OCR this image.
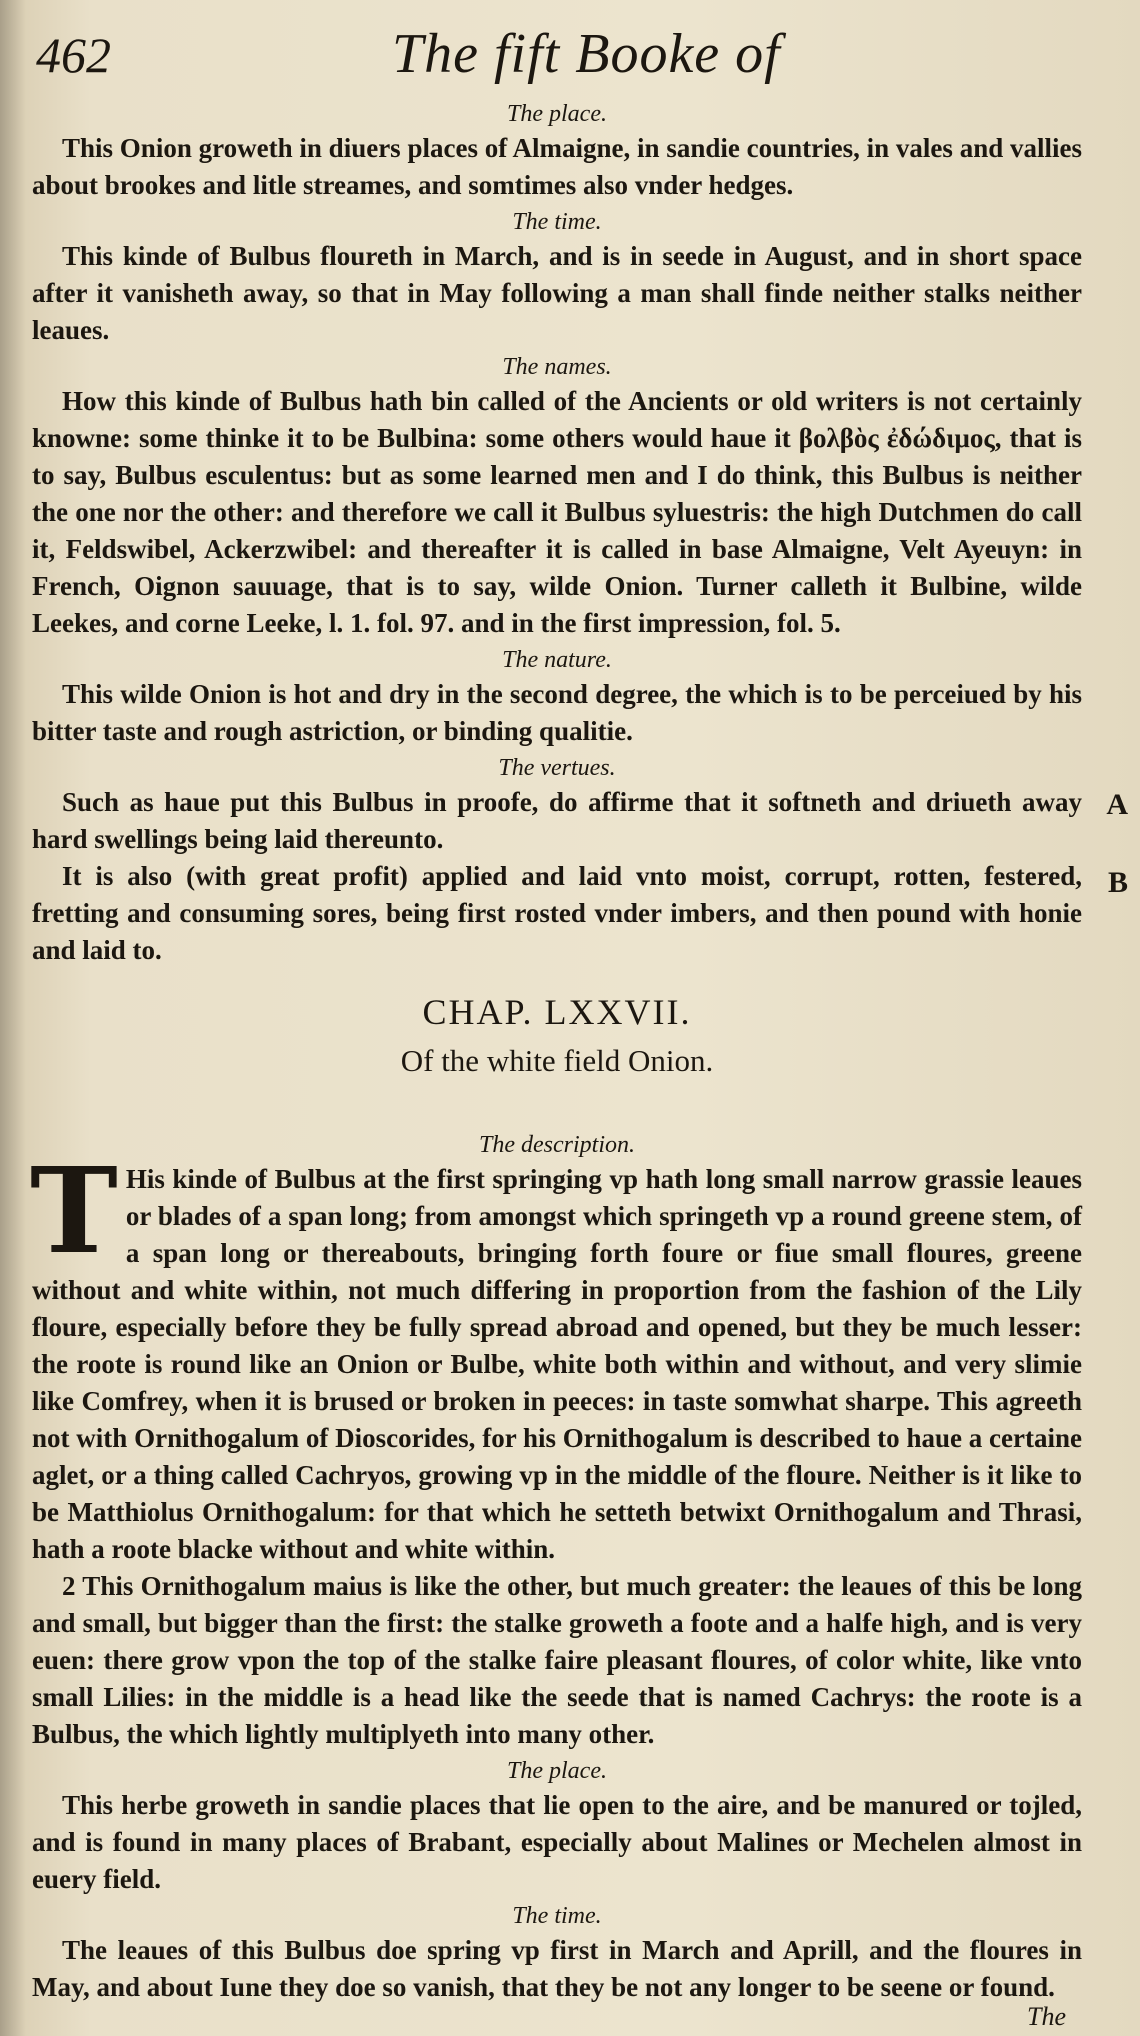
462	The fift Booke of
The place.

This Onion groweth in diuers places of Almaigne, in sandie countries, in vales and vallies about brookes and litle streames, and somtimes also vnder hedges.

The time.

This kinde of Bulbus floureth in March, and is in seede in August, and in short space after it vanisheth away, so that in May following a man shall finde neither stalks neither leaues.

The names.

How this kinde of Bulbus hath bin called of the Ancients or old writers is not certainly knowne: some thinke it to be Bulbina: some others would haue it βολβὸς ἐδώδιμος, that is to say, Bulbus esculentus: but as some learned men and I do think, this Bulbus is neither the one nor the other: and therefore we call it Bulbus syluestris: the high Dutchmen do call it, Feldswibel, Ackerzwibel: and thereafter it is called in base Almaigne, Velt Ayeuyn: in French, Oignon sauuage, that is to say, wilde Onion. Turner calleth it Bulbine, wilde Leekes, and corne Leeke, l. 1. fol. 97. and in the first impression, fol. 5.

The nature.

This wilde Onion is hot and dry in the second degree, the which is to be perceiued by his bitter taste and rough astriction, or binding qualitie.

The vertues.
A

Such as haue put this Bulbus in proofe, do affirme that it softneth and driueth away hard swellings being laid thereunto.

B

It is also (with great profit) applied and laid vnto moist, corrupt, rotten, festered, fretting and consuming sores, being first rosted vnder imbers, and then pound with honie and laid to.

CHAP. LXXVII.
Of the white field Onion.
The description.
T His kinde of Bulbus at the first springing vp hath long small narrow grassie leaues or blades of a span long; from amongst which springeth vp a round greene stem, of a span long or thereabouts, bringing forth foure or fiue small floures, greene without and white within, not much differing in proportion from the fashion of the Lily floure, especially before they be fully spread abroad and opened, but they be much lesser: the roote is round like an Onion or Bulbe, white both within and without, and very slimie like Comfrey, when it is brused or broken in peeces: in taste somwhat sharpe. This agreeth not with Ornithogalum of Dioscorides, for his Ornithogalum is described to haue a certaine aglet, or a thing called Cachryos, growing vp in the middle of the floure. Neither is it like to be Matthiolus Ornithogalum: for that which he setteth betwixt Ornithogalum and Thrasi, hath a roote blacke without and white within.

2 This Ornithogalum maius is like the other, but much greater: the leaues of this be long and small, but bigger than the first: the stalke groweth a foote and a halfe high, and is very euen: there grow vpon the top of the stalke faire pleasant floures, of color white, like vnto small Lilies: in the middle is a head like the seede that is named Cachrys: the roote is a Bulbus, the which lightly multiplyeth into many other.

The place.

This herbe groweth in sandie places that lie open to the aire, and be manured or tojled, and is found in many places of Brabant, especially about Malines or Mechelen almost in euery field.

The time.

The leaues of this Bulbus doe spring vp first in March and Aprill, and the floures in May, and about Iune they doe so vanish, that they be not any longer to be seene or found.

The
